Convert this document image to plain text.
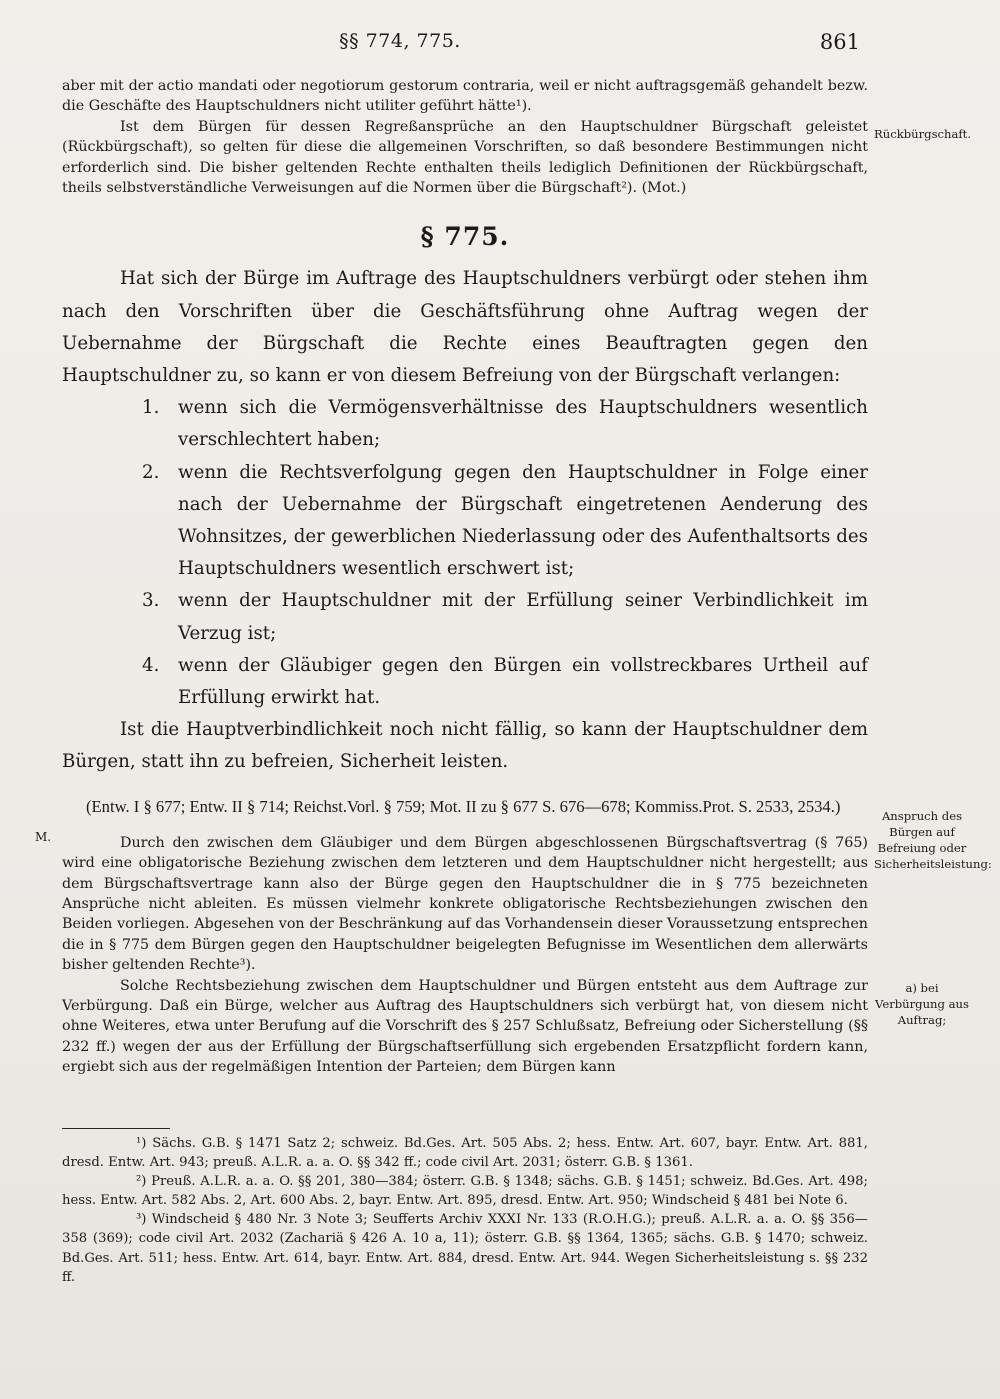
§§ 774, 775.	861

aber mit der actio mandati oder negotiorum gestorum contraria, weil er nicht auftragsgemäß gehandelt bezw. die Geschäfte des Hauptschuldners nicht utiliter geführt hätte¹).

Ist dem Bürgen für dessen Regreßansprüche an den Hauptschuldner Bürgschaft geleistet (Rückbürgschaft), so gelten für diese die allgemeinen Vorschriften, so daß besondere Bestimmungen nicht erforderlich sind. Die bisher geltenden Rechte enthalten theils lediglich Definitionen der Rückbürgschaft, theils selbstverständliche Verweisungen auf die Normen über die Bürgschaft²). (Mot.)

§ 775.

Hat sich der Bürge im Auftrage des Hauptschuldners verbürgt oder stehen ihm nach den Vorschriften über die Geschäftsführung ohne Auftrag wegen der Uebernahme der Bürgschaft die Rechte eines Beauftragten gegen den Hauptschuldner zu, so kann er von diesem Befreiung von der Bürgschaft verlangen:

1. wenn sich die Vermögensverhältnisse des Hauptschuldners wesentlich verschlechtert haben;
2. wenn die Rechtsverfolgung gegen den Hauptschuldner in Folge einer nach der Uebernahme der Bürgschaft eingetretenen Aenderung des Wohnsitzes, der gewerblichen Niederlassung oder des Aufenthaltsorts des Hauptschuldners wesentlich erschwert ist;
3. wenn der Hauptschuldner mit der Erfüllung seiner Verbindlichkeit im Verzug ist;
4. wenn der Gläubiger gegen den Bürgen ein vollstreckbares Urtheil auf Erfüllung erwirkt hat.

Ist die Hauptverbindlichkeit noch nicht fällig, so kann der Hauptschuldner dem Bürgen, statt ihn zu befreien, Sicherheit leisten.

(Entw. I § 677; Entw. II § 714; Reichst.Vorl. § 759; Mot. II zu § 677 S. 676—678; Kommiss.Prot. S. 2533, 2534.)

Durch den zwischen dem Gläubiger und dem Bürgen abgeschlossenen Bürgschaftsvertrag (§ 765) wird eine obligatorische Beziehung zwischen dem letzteren und dem Hauptschuldner nicht hergestellt; aus dem Bürgschaftsvertrage kann also der Bürge gegen den Hauptschuldner die in § 775 bezeichneten Ansprüche nicht ableiten. Es müssen vielmehr konkrete obligatorische Rechtsbeziehungen zwischen den Beiden vorliegen. Abgesehen von der Beschränkung auf das Vorhandensein dieser Voraussetzung entsprechen die in § 775 dem Bürgen gegen den Hauptschuldner beigelegten Befugnisse im Wesentlichen dem allerwärts bisher geltenden Rechte³).

Solche Rechtsbeziehung zwischen dem Hauptschuldner und Bürgen entsteht aus dem Auftrage zur Verbürgung. Daß ein Bürge, welcher aus Auftrag des Hauptschuldners sich verbürgt hat, von diesem nicht ohne Weiteres, etwa unter Berufung auf die Vorschrift des § 257 Schlußsatz, Befreiung oder Sicherstellung (§§ 232 ff.) wegen der aus der Erfüllung der Bürgschaftserfüllung sich ergebenden Ersatzpflicht fordern kann, ergiebt sich aus der regelmäßigen Intention der Parteien; dem Bürgen kann

M.
Rückbürgschaft.
Anspruch des Bürgen auf Befreiung oder Sicherheitsleistung:
a) bei Verbürgung aus Auftrag;

¹) Sächs. G.B. § 1471 Satz 2; schweiz. Bd.Ges. Art. 505 Abs. 2; hess. Entw. Art. 607, bayr. Entw. Art. 881, dresd. Entw. Art. 943; preuß. A.L.R. a. a. O. §§ 342 ff.; code civil Art. 2031; österr. G.B. § 1361.

²) Preuß. A.L.R. a. a. O. §§ 201, 380—384; österr. G.B. § 1348; sächs. G.B. § 1451; schweiz. Bd.Ges. Art. 498; hess. Entw. Art. 582 Abs. 2, Art. 600 Abs. 2, bayr. Entw. Art. 895, dresd. Entw. Art. 950; Windscheid § 481 bei Note 6.

³) Windscheid § 480 Nr. 3 Note 3; Seufferts Archiv XXXI Nr. 133 (R.O.H.G.); preuß. A.L.R. a. a. O. §§ 356—358 (369); code civil Art. 2032 (Zachariä § 426 A. 10 a, 11); österr. G.B. §§ 1364, 1365; sächs. G.B. § 1470; schweiz. Bd.Ges. Art. 511; hess. Entw. Art. 614, bayr. Entw. Art. 884, dresd. Entw. Art. 944. Wegen Sicherheitsleistung s. §§ 232 ff.
